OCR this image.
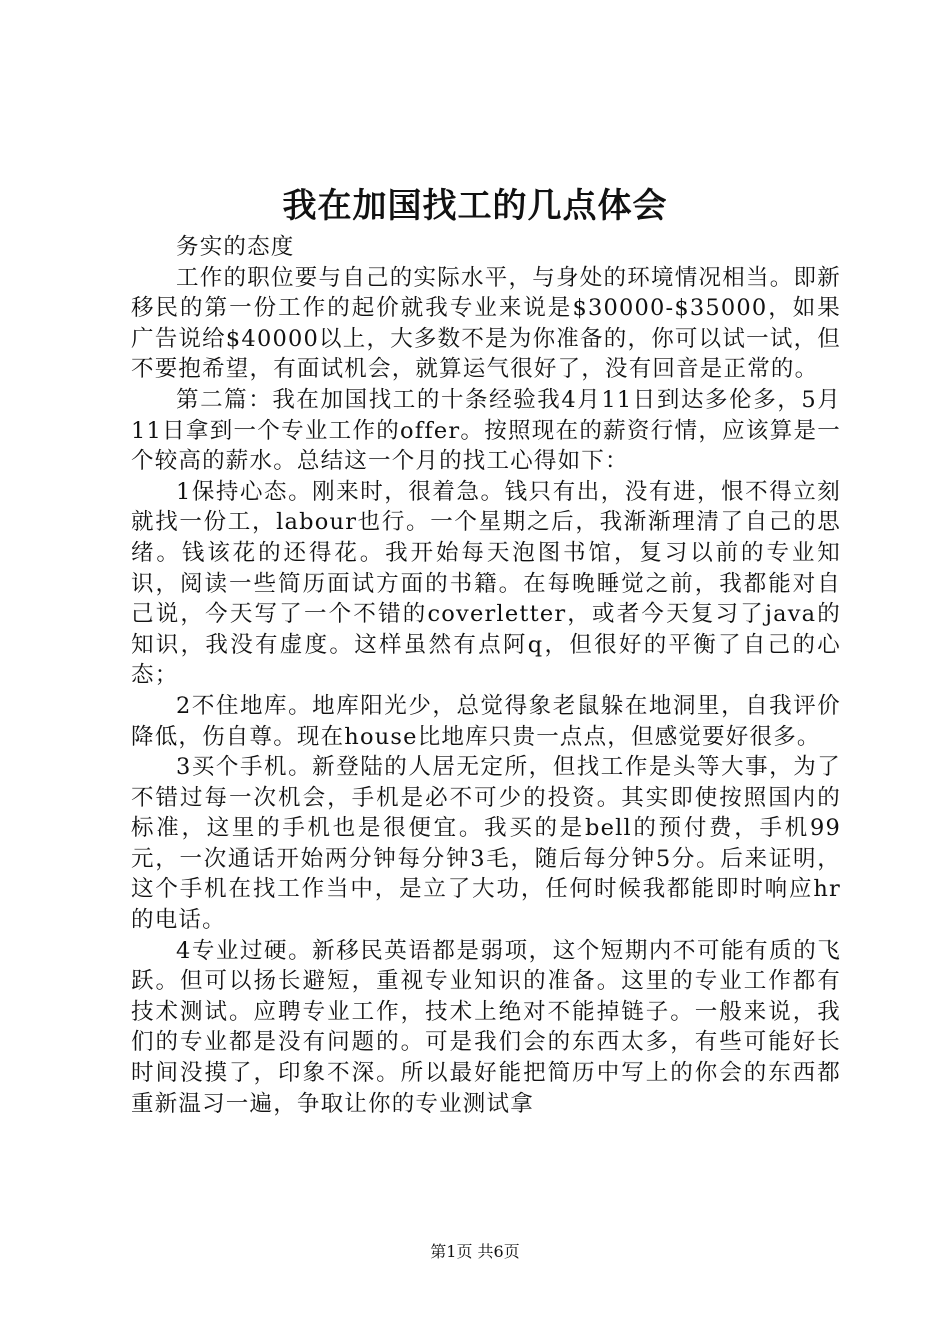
我在加国找工的几点体会

务实的态度

工作的职位要与自己的实际水平，与身处的环境情况相当。即新移民的第一份工作的起价就我专业来说是$30000-$35000，如果广告说给$40000以上，大多数不是为你准备的，你可以试一试，但不要抱希望，有面试机会，就算运气很好了，没有回音是正常的。

第二篇：我在加国找工的十条经验我4月11日到达多伦多，5月11日拿到一个专业工作的offer。按照现在的薪资行情，应该算是一个较高的薪水。总结这一个月的找工心得如下：

1保持心态。刚来时，很着急。钱只有出，没有进，恨不得立刻就找一份工，labour也行。一个星期之后，我渐渐理清了自己的思绪。钱该花的还得花。我开始每天泡图书馆，复习以前的专业知识，阅读一些简历面试方面的书籍。在每晚睡觉之前，我都能对自己说，今天写了一个不错的coverletter，或者今天复习了java的知识，我没有虚度。这样虽然有点阿q，但很好的平衡了自己的心态；

2不住地库。地库阳光少，总觉得象老鼠躲在地洞里，自我评价降低，伤自尊。现在house比地库只贵一点点，但感觉要好很多。

3买个手机。新登陆的人居无定所，但找工作是头等大事，为了不错过每一次机会，手机是必不可少的投资。其实即使按照国内的标准，这里的手机也是很便宜。我买的是bell的预付费，手机99元，一次通话开始两分钟每分钟3毛，随后每分钟5分。后来证明，这个手机在找工作当中，是立了大功，任何时候我都能即时响应hr的电话。

4专业过硬。新移民英语都是弱项，这个短期内不可能有质的飞跃。但可以扬长避短，重视专业知识的准备。这里的专业工作都有技术测试。应聘专业工作，技术上绝对不能掉链子。一般来说，我们的专业都是没有问题的。可是我们会的东西太多，有些可能好长时间没摸了，印象不深。所以最好能把简历中写上的你会的东西都重新温习一遍，争取让你的专业测试拿

第1页 共6页
